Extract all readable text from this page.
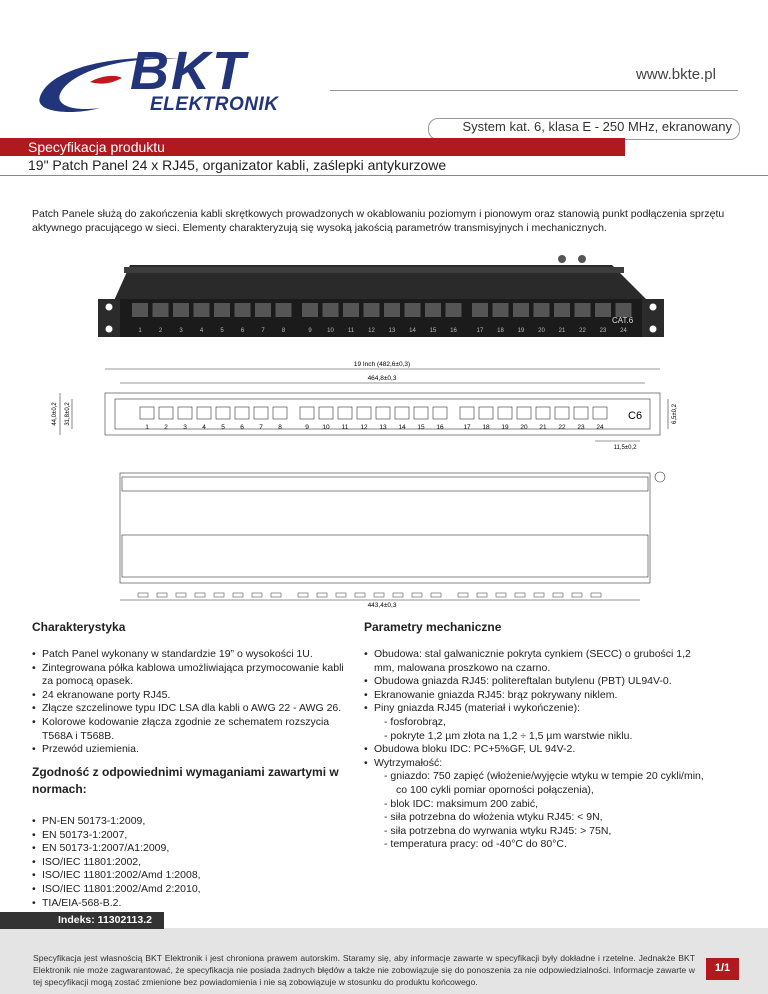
BKT
ELEKTRONIK
www.bkte.pl
System kat. 6, klasa E - 250 MHz, ekranowany
Specyfikacja produktu
19" Patch Panel 24 x RJ45, organizator kabli, zaślepki antykurzowe
Patch Panele służą do zakończenia kabli skrętkowych prowadzonych w okablowaniu poziomym i pionowym oraz stanowią punkt podłączenia sprzętu aktywnego pracującego w sieci. Elementy charakteryzują się wysoką jakością parametrów transmisyjnych i mechanicznych.
1	2	3	4	5	6	7	8	9	10 11 12 13 14 15 16	17 18 19 20 21 22 23 24
CAT.6
19 Inch (482,6±0,3)
464,8±0,3
44,0±0,2 31,8±0,2	6,5±0,2
11,5±0,2
C6
443,4±0,3
1 2 3 4 5 6 7 8	9 10 11 12 13 14 15 16	17 18 19 20 21 22 23 24
Charakterystyka
• Patch Panel wykonany w standardzie 19” o wysokości 1U.
• Zintegrowana półka kablowa umożliwiająca przymocowanie kabli za pomocą opasek.
• 24 ekranowane porty RJ45.
• Złącze szczelinowe typu IDC LSA dla kabli o AWG 22 - AWG 26.
• Kolorowe kodowanie złącza zgodnie ze schematem rozszycia T568A i T568B.
• Przewód uziemienia.
Zgodność z odpowiednimi wymaganiami zawartymi w normach:
• PN-EN 50173-1:2009,
• EN 50173-1:2007,
• EN 50173-1:2007/A1:2009,
• ISO/IEC 11801:2002,
• ISO/IEC 11801:2002/Amd 1:2008,
• ISO/IEC 11801:2002/Amd 2:2010,
• TIA/EIA-568-B.2.
Parametry mechaniczne
• Obudowa: stal galwanicznie pokryta cynkiem (SECC) o grubości 1,2 mm, malowana proszkowo na czarno.
• Obudowa gniazda RJ45: politereftalan butylenu (PBT) UL94V-0.
• Ekranowanie gniazda RJ45: brąz pokrywany niklem.
• Piny gniazda RJ45 (materiał i wykończenie):
- fosforobrąz,
- pokryte 1,2 µm złota na 1,2 ÷ 1,5 µm warstwie niklu.
• Obudowa bloku IDC: PC+5%GF, UL 94V-2.
• Wytrzymałość:
- gniazdo: 750 zapięć (włożenie/wyjęcie wtyku w tempie 20 cykli/min,
co 100 cykli pomiar oporności połączenia),
- blok IDC: maksimum 200 zabić,
- siła potrzebna do włożenia wtyku RJ45: < 9N,
- siła potrzebna do wyrwania wtyku RJ45: > 75N,
- temperatura pracy: od -40°C do 80°C.
Indeks: 11302113.2
Specyfikacja jest własnością BKT Elektronik i jest chroniona prawem autorskim. Staramy się, aby informacje zawarte w specyfikacji były dokładne i rzetelne. Jednakże BKT Elektronik nie może zagwarantować, że specyfikacja nie posiada żadnych błędów a także nie zobowiązuje się do ponoszenia za nie odpowiedzialności. Informacje zawarte w tej specyfikacji mogą zostać zmienione bez powiadomienia i nie są zobowiązuje w stosunku do produktu końcowego.
1/1
